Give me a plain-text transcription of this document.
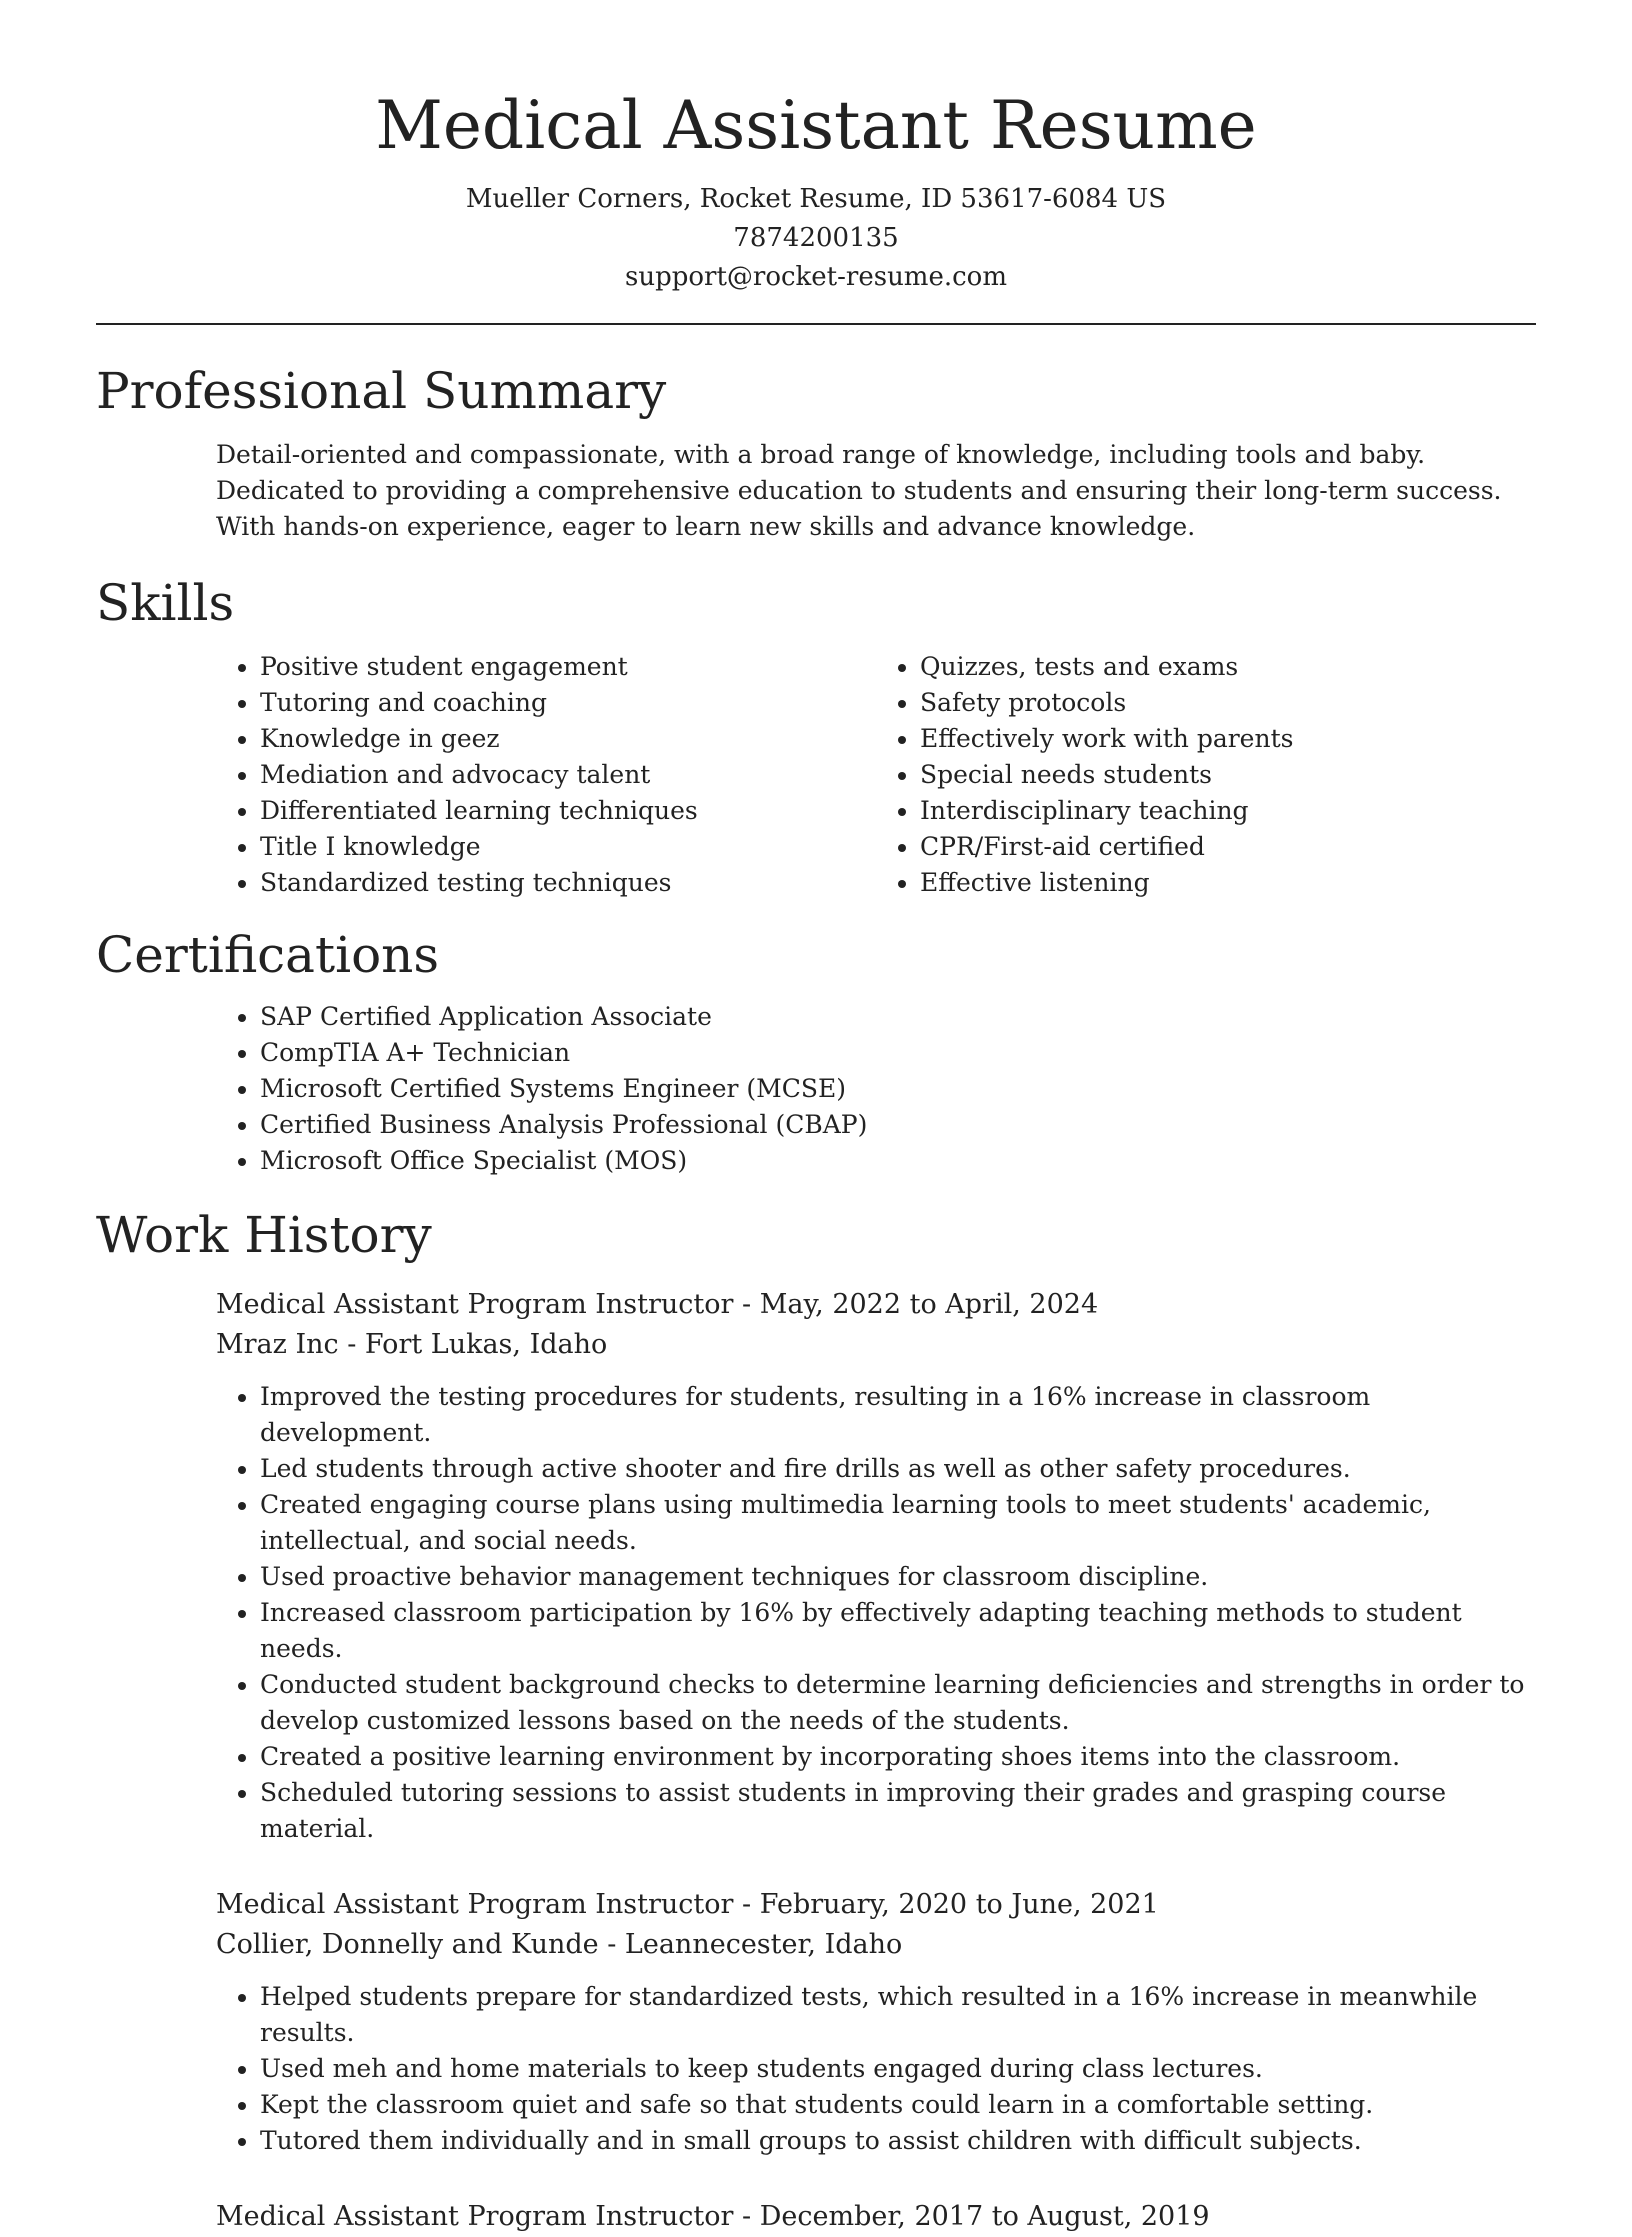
Medical Assistant Resume
Mueller Corners, Rocket Resume, ID 53617-6084 US
7874200135
support@rocket-resume.com
Professional Summary

Detail-oriented and compassionate, with a broad range of knowledge, including tools and baby. Dedicated to providing a comprehensive education to students and ensuring their long-term success. With hands-on experience, eager to learn new skills and advance knowledge.

Skills
• Positive student engagement
• Tutoring and coaching
• Knowledge in geez
• Mediation and advocacy talent
• Differentiated learning techniques
• Title I knowledge
• Standardized testing techniques
• Quizzes, tests and exams
• Safety protocols
• Effectively work with parents
• Special needs students
• Interdisciplinary teaching
• CPR/First-aid certified
• Effective listening
Certifications
• SAP Certified Application Associate
• CompTIA A+ Technician
• Microsoft Certified Systems Engineer (MCSE)
• Certified Business Analysis Professional (CBAP)
• Microsoft Office Specialist (MOS)
Work History
Medical Assistant Program Instructor - May, 2022 to April, 2024
Mraz Inc - Fort Lukas, Idaho
• Improved the testing procedures for students, resulting in a 16% increase in classroom development.
• Led students through active shooter and fire drills as well as other safety procedures.
• Created engaging course plans using multimedia learning tools to meet students' academic, intellectual, and social needs.
• Used proactive behavior management techniques for classroom discipline.
• Increased classroom participation by 16% by effectively adapting teaching methods to student needs.
• Conducted student background checks to determine learning deficiencies and strengths in order to develop customized lessons based on the needs of the students.
• Created a positive learning environment by incorporating shoes items into the classroom.
• Scheduled tutoring sessions to assist students in improving their grades and grasping course material.
Medical Assistant Program Instructor - February, 2020 to June, 2021
Collier, Donnelly and Kunde - Leannecester, Idaho
• Helped students prepare for standardized tests, which resulted in a 16% increase in meanwhile results.
• Used meh and home materials to keep students engaged during class lectures.
• Kept the classroom quiet and safe so that students could learn in a comfortable setting.
• Tutored them individually and in small groups to assist children with difficult subjects.
Medical Assistant Program Instructor - December, 2017 to August, 2019
